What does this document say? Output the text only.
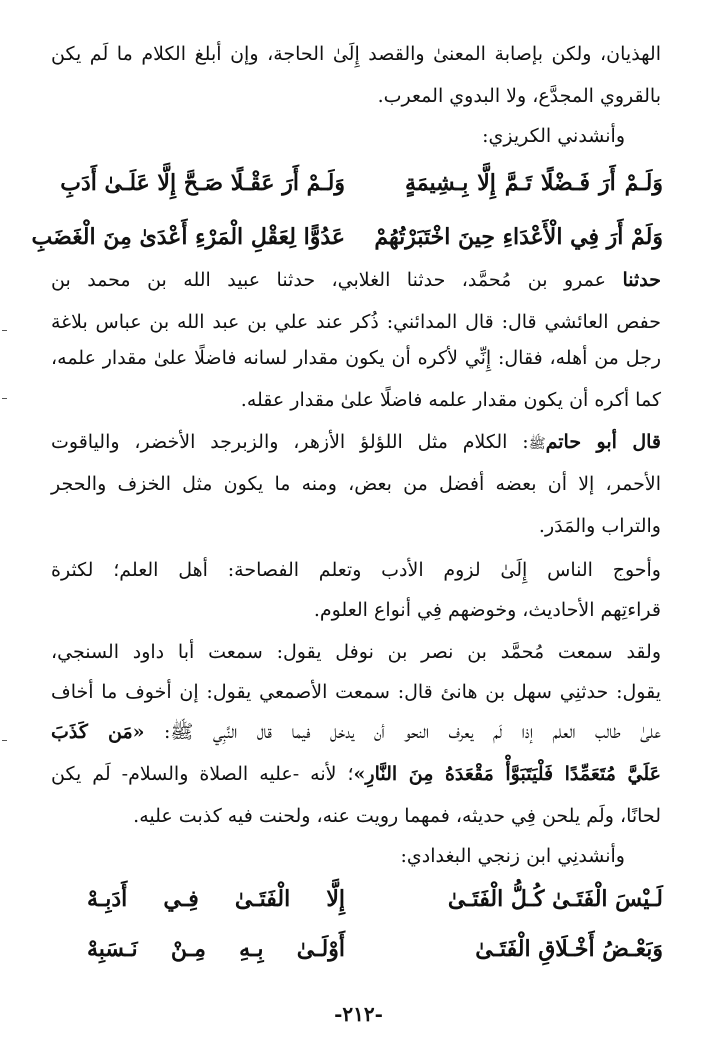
الهذيان، ولكن بإصابة المعنىٰ والقصد إِلَىٰ الحاجة، وإن أبلغ الكلام ما لَم يكن
بالقروي المجدَّع، ولا البدوي المعرب.
وأنشدني الكريزي:
وَلَـمْ أَرَ فَـضْلًا تَـمَّ إِلَّا بِـشِيمَةٍ
وَلَـمْ أَرَ عَقْـلًا صَـحَّ إِلَّا عَلَـىٰ أَدَبِ
وَلَمْ أَرَ فِي الْأَعْدَاءِ حِينَ اخْتَبَرْتُهُمْ
عَدُوًّا لِعَقْلِ الْمَرْءِ أَعْدَىٰ مِنَ الْغَضَبِ
حدثنا عمرو بن مُحمَّد، حدثنا الغلابي، حدثنا عبيد الله بن محمد بن
حفص العائشي قال: قال المدائني: ذُكر عند علي بن عبد الله بن عباس بلاغة
رجل من أهله، فقال: إِنِّي لأكره أن يكون مقدار لسانه فاضلًا علىٰ مقدار علمه،
كما أكره أن يكون مقدار علمه فاضلًا علىٰ مقدار عقله.
قال أبو حاتمﷺ: الكلام مثل اللؤلؤ الأزهر، والزبرجد الأخضر، والياقوت
الأحمر، إلا أن بعضه أفضل من بعض، ومنه ما يكون مثل الخزف والحجر
والتراب والمَدَر.
وأحوج الناس إِلَىٰ لزوم الأدب وتعلم الفصاحة: أهل العلم؛ لكثرة
قراءتِهم الأحاديث، وخوضهم فِي أنواع العلوم.
ولقد سمعت مُحمَّد بن نصر بن نوفل يقول: سمعت أبا داود السنجي،
يقول: حدثنِي سهل بن هانئ قال: سمعت الأصمعي يقول: إن أخوف ما أخاف
علىٰ طالب العلم إذا لَم يعرف النحو أن يدخل فيما قال النَّبِي ﷺ: «مَن كَذَبَ
عَلَيَّ مُتَعَمِّدًا فَلْيَتَبَوَّأْ مَقْعَدَهُ مِنَ النَّارِ»؛ لأنه -عليه الصلاة والسلام- لَم يكن
لحانًا، ولَم يلحن فِي حديثه، فمهما رويت عنه، ولحنت فيه كذبت عليه.
وأنشدنِي ابن زنجي البغدادي:
لَـيْسَ الْفَتَـىٰ كُـلُّ الْفَتَـىٰ
إِلَّا الْفَتَـىٰ فِـي أَدَبِـهْ
وَبَعْـضُ أَخْـلَاقِ الْفَتَـىٰ
أَوْلَـىٰ بِـهِ مِـنْ نَـسَبِهْ
-٢١٢-
